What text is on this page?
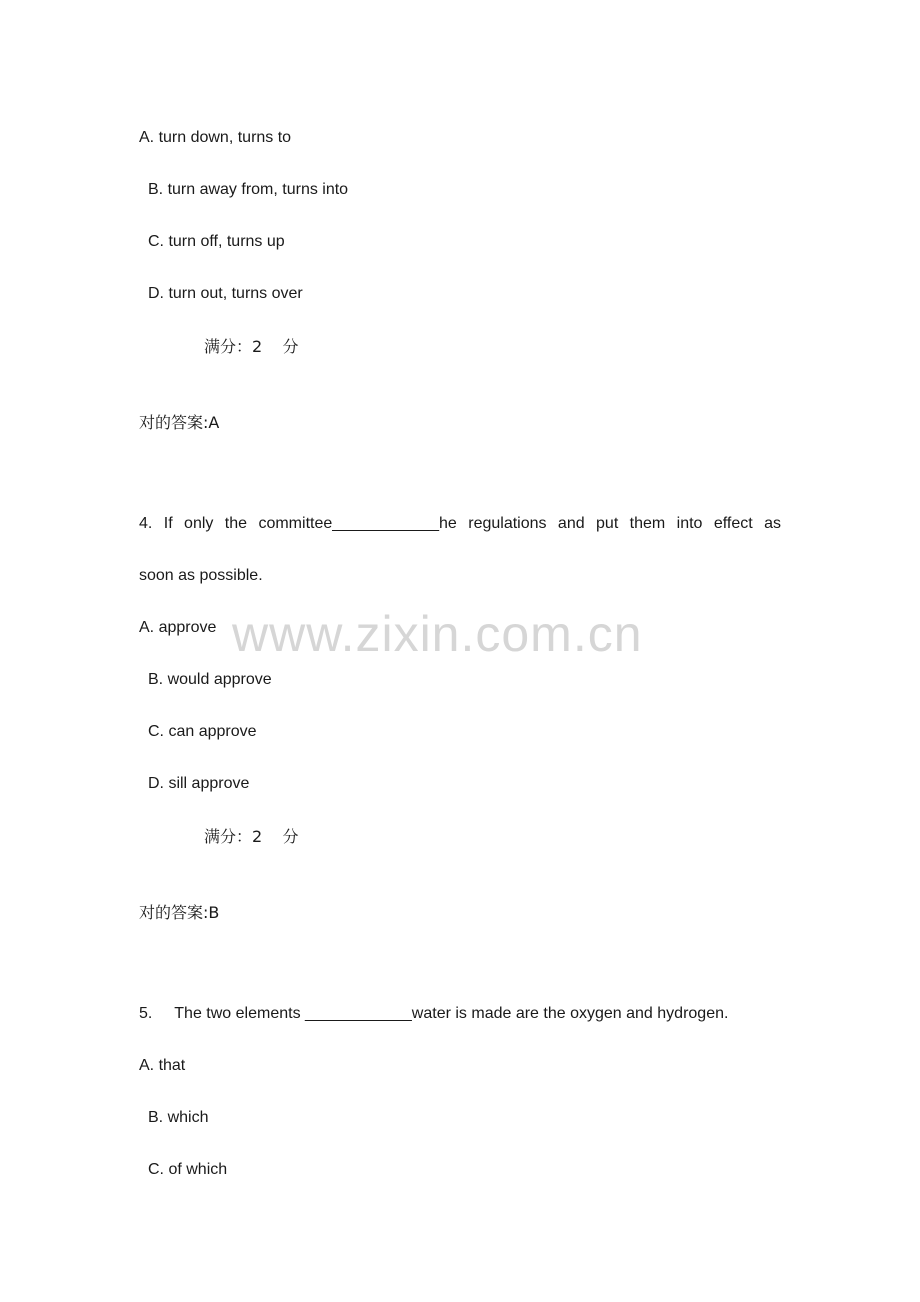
A. turn down, turns to
B. turn away from, turns into
C. turn off, turns up
D. turn out, turns over
满分：2    分
对的答案:A
4. If only the committee____________he regulations and put them into effect as
soon as possible.
A. approve
B. would approve
C. can approve
D. sill approve
满分：2    分
对的答案:B
5.     The two elements ____________water is made are the oxygen and hydrogen.
A. that
B. which
C. of which
www.zixin.com.cn
